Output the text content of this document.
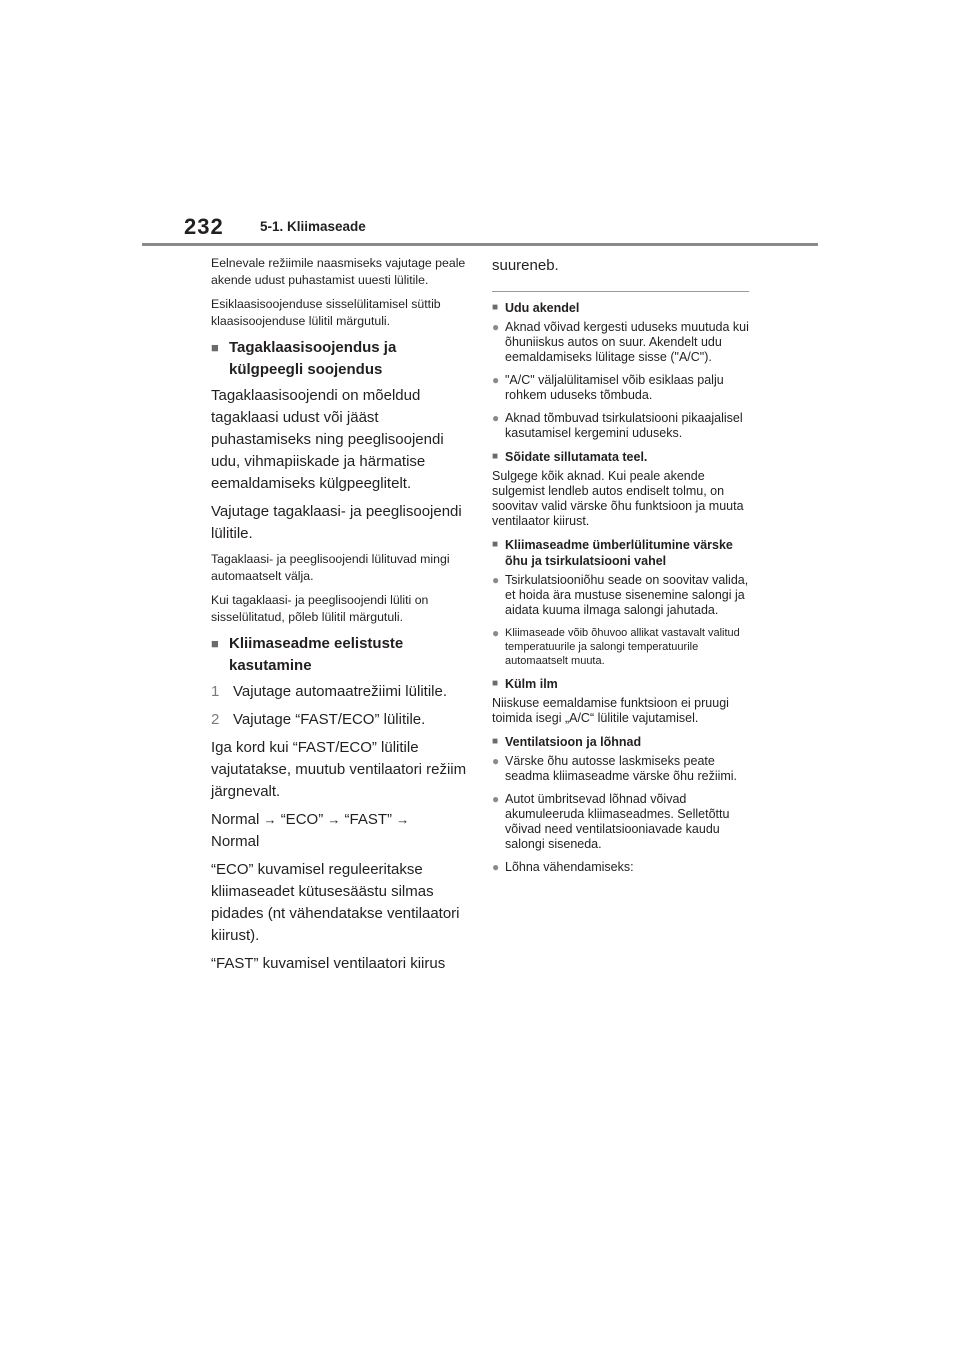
232	5-1. Kliimaseade

Eelnevale režiimile naasmiseks vajutage peale akende udust puhastamist uuesti lülitile.

Esiklaasisoojenduse sisselülitamisel süttib klaasisoojenduse lülitil märgutuli.

■ Tagaklaasisoojendus ja külgpeegli soojendus

Tagaklaasisoojendi on mõeldud tagaklaasi udust või jääst puhastamiseks ning peeglisoojendi udu, vihmapiiskade ja härmatise eemaldamiseks külgpeeglitelt.

Vajutage tagaklaasi- ja peeglisoojendi lülitile.

Tagaklaasi- ja peeglisoojendi lülituvad mingi automaatselt välja.

Kui tagaklaasi- ja peeglisoojendi lüliti on sisselülitatud, põleb lülitil märgutuli.

■ Kliimaseadme eelistuste kasutamine
1 Vajutage automaatrežiimi lülitile.
2 Vajutage “FAST/ECO” lülitile.

Iga kord kui “FAST/ECO” lülitile vajutatakse, muutub ventilaatori režiim järgnevalt.

Normal → “ECO” → “FAST” →
Normal

“ECO” kuvamisel reguleeritakse kliimaseadet kütusesäästu silmas pidades (nt vähendatakse ventilaatori kiirust).

“FAST” kuvamisel ventilaatori kiirus

suureneb.

■ Udu akendel
● Aknad võivad kergesti uduseks muutuda kui õhuniiskus autos on suur. Akendelt udu eemaldamiseks lülitage sisse ("A/C").
● "A/C" väljalülitamisel võib esiklaas palju rohkem uduseks tõmbuda.
● Aknad tõmbuvad tsirkulatsiooni pikaajalisel kasutamisel kergemini uduseks.
■ Sõidate sillutamata teel.

Sulgege kõik aknad. Kui peale akende sulgemist lendleb autos endiselt tolmu, on soovitav valid värske õhu funktsioon ja muuta ventilaator kiirust.

■ Kliimaseadme ümberlülitumine värske õhu ja tsirkulatsiooni vahel
● Tsirkulatsiooniõhu seade on soovitav valida, et hoida ära mustuse sisenemine salongi ja aidata kuuma ilmaga salongi jahutada.
● Kliimaseade võib õhuvoo allikat vastavalt valitud temperatuurile ja salongi temperatuurile automaatselt muuta.
■ Külm ilm

Niiskuse eemaldamise funktsioon ei pruugi toimida isegi „A/C“ lülitile vajutamisel.

■ Ventilatsioon ja lõhnad
● Värske õhu autosse laskmiseks peate seadma kliimaseadme värske õhu režiimi.
● Autot ümbritsevad lõhnad võivad akumuleeruda kliimaseadmes. Selletõttu võivad need ventilatsiooniavade kaudu salongi siseneda.
● Lõhna vähendamiseks:
